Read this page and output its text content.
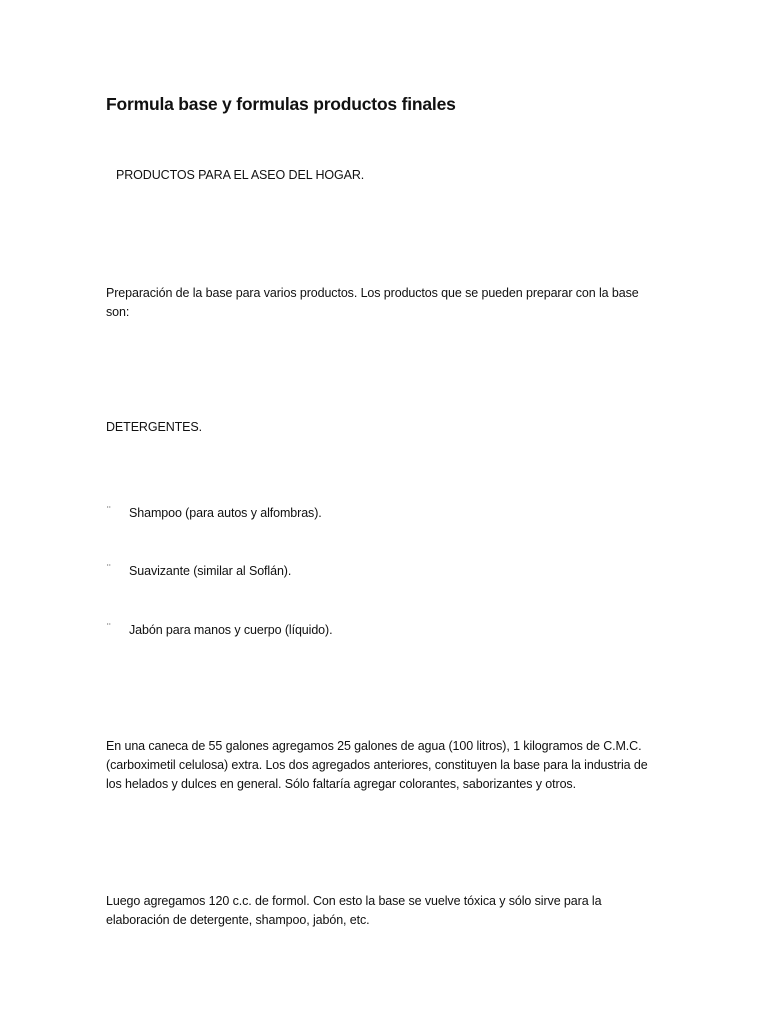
Formula base y formulas productos finales

PRODUCTOS PARA EL ASEO DEL HOGAR.

Preparación de la base para varios productos. Los productos que se pueden preparar con la base
son:

DETERGENTES.

¨ Shampoo (para autos y alfombras).

¨ Suavizante (similar al Soflán).

¨ Jabón para manos y cuerpo (líquido).

En una caneca de 55 galones agregamos 25 galones de agua (100 litros), 1 kilogramos de C.M.C.
(carboximetil celulosa) extra. Los dos agregados anteriores, constituyen la base para la industria de
los helados y dulces en general. Sólo faltaría agregar colorantes, saborizantes y otros.
Luego agregamos 120 c.c. de formol. Con esto la base se vuelve tóxica y sólo sirve para la
elaboración de detergente, shampoo, jabón, etc.
